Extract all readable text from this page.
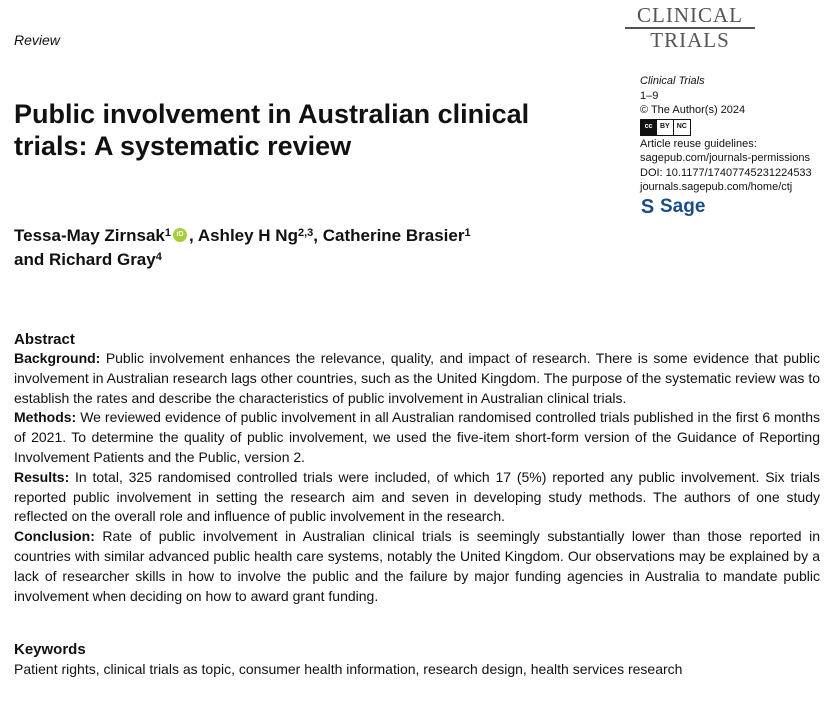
CLINICAL
TRIALS
Review
Clinical Trials
1–9
© The Author(s) 2024
cc	BY	NC
Article reuse guidelines:
sagepub.com/journals-permissions
DOI: 10.1177/17407745231224533
journals.sagepub.com/home/ctj
S Sage
Public involvement in Australian clinical trials: A systematic review
Tessa-May Zirnsak$^1$ iD , Ashley H Ng$^{2,3}$, Catherine Brasier$^1$
and Richard Gray$^4$
Abstract

Background: Public involvement enhances the relevance, quality, and impact of research. There is some evidence that public involvement in Australian research lags other countries, such as the United Kingdom. The purpose of the systematic review was to establish the rates and describe the characteristics of public involvement in Australian clinical trials.

Methods: We reviewed evidence of public involvement in all Australian randomised controlled trials published in the first 6 months of 2021. To determine the quality of public involvement, we used the five-item short-form version of the Guidance of Reporting Involvement Patients and the Public, version 2.

Results: In total, 325 randomised controlled trials were included, of which 17 (5%) reported any public involvement. Six trials reported public involvement in setting the research aim and seven in developing study methods. The authors of one study reflected on the overall role and influence of public involvement in the research.

Conclusion: Rate of public involvement in Australian clinical trials is seemingly substantially lower than those reported in countries with similar advanced public health care systems, notably the United Kingdom. Our observations may be explained by a lack of researcher skills in how to involve the public and the failure by major funding agencies in Australia to mandate public involvement when deciding on how to award grant funding.

Keywords

Patient rights, clinical trials as topic, consumer health information, research design, health services research
